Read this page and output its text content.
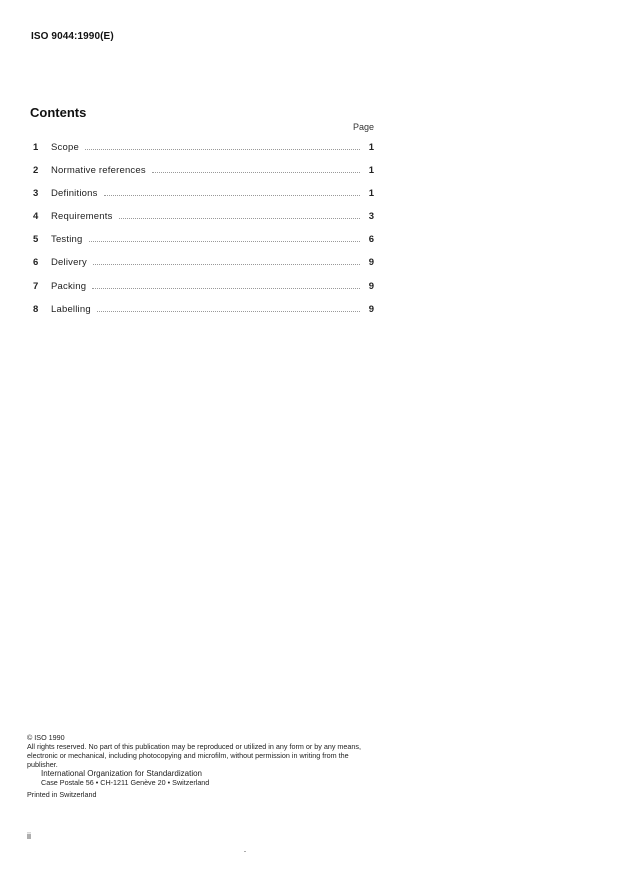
ISO 9044:1990(E)
Contents
Page
1	Scope	1
2	Normative references	1
3	Definitions	1
4	Requirements	3
5	Testing	6
6	Delivery	9
7	Packing	9
8	Labelling	9
© ISO 1990
All rights reserved. No part of this publication may be reproduced or utilized in any form or by any means, electronic or mechanical, including photocopying and microfilm, without permission in writing from the publisher.
International Organization for Standardization
Case Postale 56 • CH-1211 Genève 20 • Switzerland
Printed in Switzerland
ii
